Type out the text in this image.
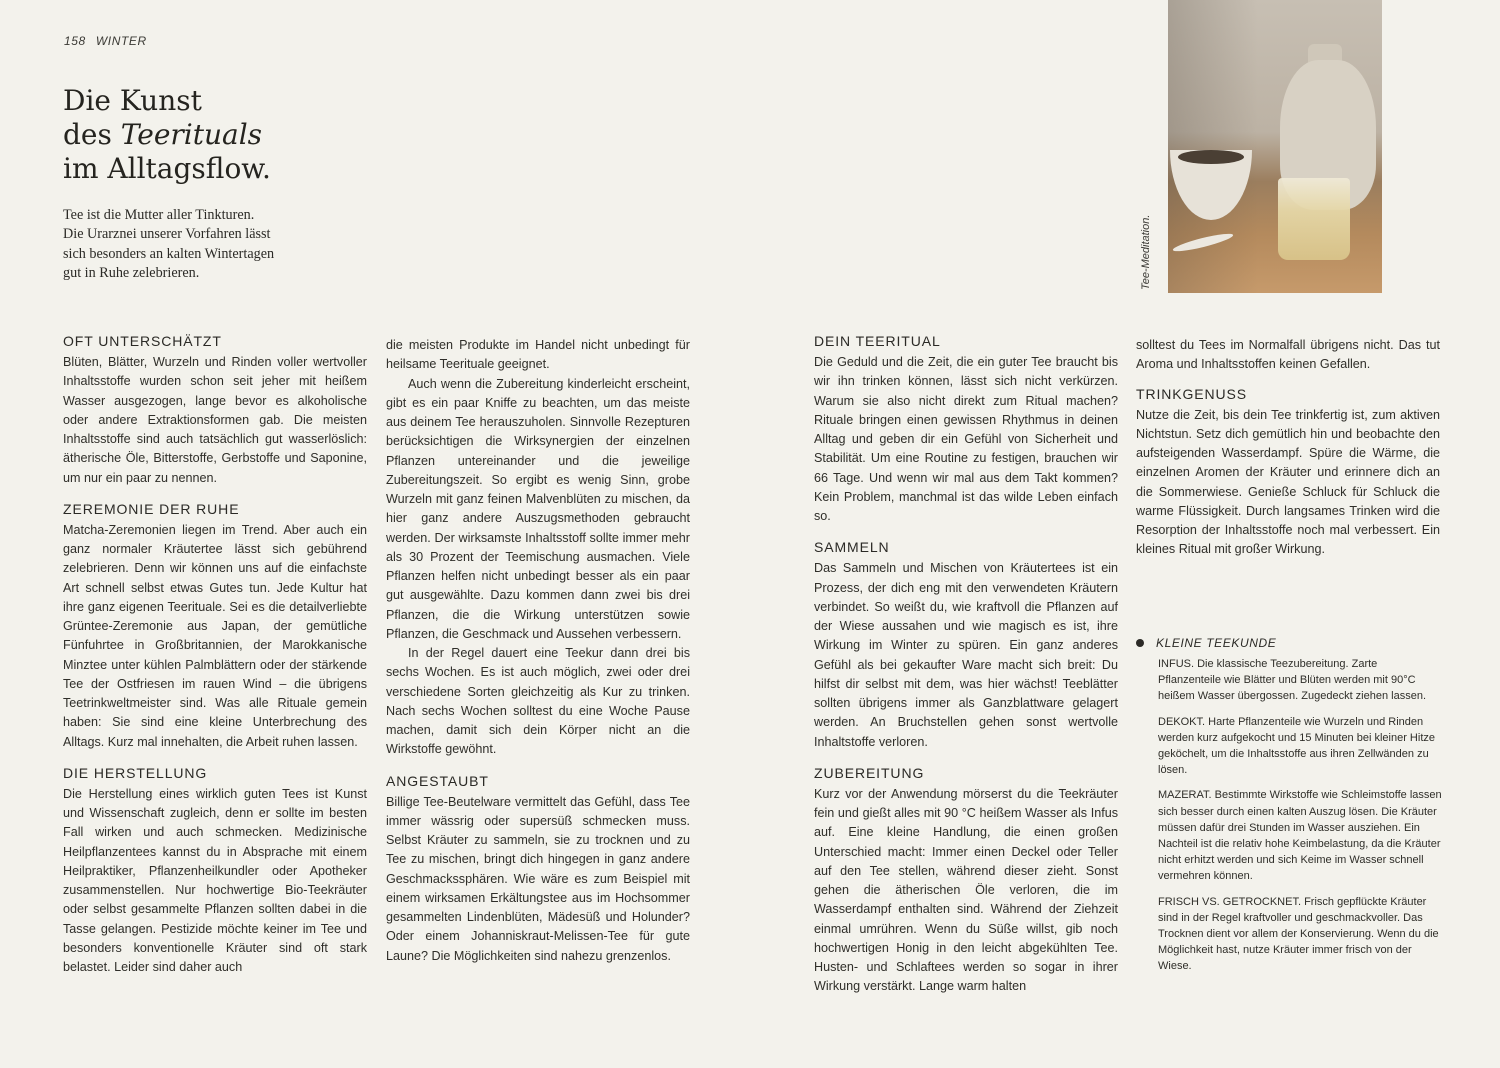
158 WINTER
Die Kunst
des Teerituals
im Alltagsflow.

Tee ist die Mutter aller Tinkturen.
Die Urarznei unserer Vorfahren lässt
sich besonders an kalten Wintertagen
gut in Ruhe zelebrieren.

OFT UNTERSCHÄTZT

Blüten, Blätter, Wurzeln und Rinden voller wertvoller Inhaltsstoffe wurden schon seit jeher mit heißem Wasser ausgezogen, lange bevor es alkoholische oder andere Extraktionsformen gab. Die meisten Inhaltsstoffe sind auch tatsächlich gut wasserlöslich: ätherische Öle, Bitterstoffe, Gerbstoffe und Saponine, um nur ein paar zu nennen.

ZEREMONIE DER RUHE

Matcha-Zeremonien liegen im Trend. Aber auch ein ganz normaler Kräutertee lässt sich gebührend zelebrieren. Denn wir können uns auf die einfachste Art schnell selbst etwas Gutes tun. Jede Kultur hat ihre ganz eigenen Teerituale. Sei es die detailverliebte Grüntee-Zeremonie aus Japan, der gemütliche Fünfuhrtee in Großbritannien, der Marokkanische Minztee unter kühlen Palmblättern oder der stärkende Tee der Ostfriesen im rauen Wind – die übrigens Teetrinkweltmeister sind. Was alle Rituale gemein haben: Sie sind eine kleine Unterbrechung des Alltags. Kurz mal innehalten, die Arbeit ruhen lassen.

DIE HERSTELLUNG

Die Herstellung eines wirklich guten Tees ist Kunst und Wissenschaft zugleich, denn er sollte im besten Fall wirken und auch schmecken. Medizinische Heilpflanzentees kannst du in Absprache mit einem Heilpraktiker, Pflanzenheilkundler oder Apotheker zusammenstellen. Nur hochwertige Bio-Teekräuter oder selbst gesammelte Pflanzen sollten dabei in die Tasse gelangen. Pestizide möchte keiner im Tee und besonders konventionelle Kräuter sind oft stark belastet. Leider sind daher auch

die meisten Produkte im Handel nicht unbedingt für heilsame Teerituale geeignet.

Auch wenn die Zubereitung kinderleicht erscheint, gibt es ein paar Kniffe zu beachten, um das meiste aus deinem Tee herauszuholen. Sinnvolle Rezepturen berücksichtigen die Wirksynergien der einzelnen Pflanzen untereinander und die jeweilige Zubereitungszeit. So ergibt es wenig Sinn, grobe Wurzeln mit ganz feinen Malvenblüten zu mischen, da hier ganz andere Auszugsmethoden gebraucht werden. Der wirksamste Inhaltsstoff sollte immer mehr als 30 Prozent der Teemischung ausmachen. Viele Pflanzen helfen nicht unbedingt besser als ein paar gut ausgewählte. Dazu kommen dann zwei bis drei Pflanzen, die die Wirkung unterstützen sowie Pflanzen, die Geschmack und Aussehen verbessern.

In der Regel dauert eine Teekur dann drei bis sechs Wochen. Es ist auch möglich, zwei oder drei verschiedene Sorten gleichzeitig als Kur zu trinken. Nach sechs Wochen solltest du eine Woche Pause machen, damit sich dein Körper nicht an die Wirkstoffe gewöhnt.

ANGESTAUBT

Billige Tee-Beutelware vermittelt das Gefühl, dass Tee immer wässrig oder supersüß schmecken muss. Selbst Kräuter zu sammeln, sie zu trocknen und zu Tee zu mischen, bringt dich hingegen in ganz andere Geschmackssphären. Wie wäre es zum Beispiel mit einem wirksamen Erkältungstee aus im Hochsommer gesammelten Lindenblüten, Mädesüß und Holunder? Oder einem Johanniskraut-Melissen-Tee für gute Laune? Die Möglichkeiten sind nahezu grenzenlos.

Tee-Meditation.
DEIN TEERITUAL

Die Geduld und die Zeit, die ein guter Tee braucht bis wir ihn trinken können, lässt sich nicht verkürzen. Warum sie also nicht direkt zum Ritual machen? Rituale bringen einen gewissen Rhythmus in deinen Alltag und geben dir ein Gefühl von Sicherheit und Stabilität. Um eine Routine zu festigen, brauchen wir 66 Tage. Und wenn wir mal aus dem Takt kommen? Kein Problem, manchmal ist das wilde Leben einfach so.

SAMMELN

Das Sammeln und Mischen von Kräutertees ist ein Prozess, der dich eng mit den verwendeten Kräutern verbindet. So weißt du, wie kraftvoll die Pflanzen auf der Wiese aussahen und wie magisch es ist, ihre Wirkung im Winter zu spüren. Ein ganz anderes Gefühl als bei gekaufter Ware macht sich breit: Du hilfst dir selbst mit dem, was hier wächst! Teeblätter sollten übrigens immer als Ganzblattware gelagert werden. An Bruchstellen gehen sonst wertvolle Inhaltstoffe verloren.

ZUBEREITUNG

Kurz vor der Anwendung mörserst du die Teekräuter fein und gießt alles mit 90 °C heißem Wasser als Infus auf. Eine kleine Handlung, die einen großen Unterschied macht: Immer einen Deckel oder Teller auf den Tee stellen, während dieser zieht. Sonst gehen die ätherischen Öle verloren, die im Wasserdampf enthalten sind. Während der Ziehzeit einmal umrühren. Wenn du Süße willst, gib noch hochwertigen Honig in den leicht abgekühlten Tee. Husten- und Schlaftees werden so sogar in ihrer Wirkung verstärkt. Lange warm halten

solltest du Tees im Normalfall übrigens nicht. Das tut Aroma und Inhaltsstoffen keinen Gefallen.

TRINKGENUSS

Nutze die Zeit, bis dein Tee trinkfertig ist, zum aktiven Nichtstun. Setz dich gemütlich hin und beobachte den aufsteigenden Wasserdampf. Spüre die Wärme, die einzelnen Aromen der Kräuter und erinnere dich an die Sommerwiese. Genieße Schluck für Schluck die warme Flüssigkeit. Durch langsames Trinken wird die Resorption der Inhaltsstoffe noch mal verbessert. Ein kleines Ritual mit großer Wirkung.

KLEINE TEEKUNDE

INFUS. Die klassische Teezubereitung. Zarte Pflanzenteile wie Blätter und Blüten werden mit 90°C heißem Wasser übergossen. Zugedeckt ziehen lassen.

DEKOKT. Harte Pflanzenteile wie Wurzeln und Rinden werden kurz aufgekocht und 15 Minuten bei kleiner Hitze geköchelt, um die Inhaltsstoffe aus ihren Zellwänden zu lösen.

MAZERAT. Bestimmte Wirkstoffe wie Schleimstoffe lassen sich besser durch einen kalten Auszug lösen. Die Kräuter müssen dafür drei Stunden im Wasser ausziehen. Ein Nachteil ist die relativ hohe Keimbelastung, da die Kräuter nicht erhitzt werden und sich Keime im Wasser schnell vermehren können.

FRISCH VS. GETROCKNET. Frisch gepflückte Kräuter sind in der Regel kraftvoller und geschmackvoller. Das Trocknen dient vor allem der Konservierung. Wenn du die Möglichkeit hast, nutze Kräuter immer frisch von der Wiese.
